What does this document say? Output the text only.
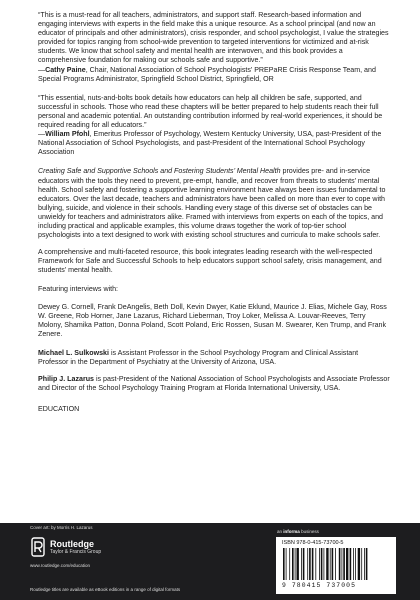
“This is a must-read for all teachers, administrators, and support staff. Research-based information and engaging interviews with experts in the field make this a unique resource. As a school principal (and now an educator of principals and other administrators), crisis responder, and school psychologist, I value the strategies provided for topics ranging from school-wide prevention to targeted interventions for victimized and at-risk students. We know that school safety and mental health are interwoven, and this book provides a comprehensive foundation for making our schools safe and supportive.”

—Cathy Paine, Chair, National Association of School Psychologists’ PREPaRE Crisis Response Team, and Special Programs Administrator, Springfield School District, Springfield, OR

“This essential, nuts-and-bolts book details how educators can help all children be safe, supported, and successful in schools. Those who read these chapters will be better prepared to help students reach their full personal and academic potential. An outstanding contribution informed by real-world experiences, it should be required reading for all educators.”

—William Pfohl, Emeritus Professor of Psychology, Western Kentucky University, USA, past-President of the National Association of School Psychologists, and past-President of the International School Psychology Association

Creating Safe and Supportive Schools and Fostering Students’ Mental Health provides pre- and in-service educators with the tools they need to prevent, pre-empt, handle, and recover from threats to students’ mental health. School safety and fostering a supportive learning environment have always been issues fundamental to educators. Over the last decade, teachers and administrators have been called on more than ever to cope with bullying, suicide, and violence in their schools. Handling every stage of this diverse set of obstacles can be unwieldy for teachers and administrators alike. Framed with interviews from experts on each of the topics, and including practical and applicable examples, this volume draws together the work of top-tier school psychologists into a text designed to work with existing school structures and curricula to make schools safer.

A comprehensive and multi-faceted resource, this book integrates leading research with the well-respected Framework for Safe and Successful Schools to help educators support school safety, crisis management, and students’ mental health.

Featuring interviews with:

Dewey G. Cornell, Frank DeAngelis, Beth Doll, Kevin Dwyer, Katie Eklund, Maurice J. Elias, Michele Gay, Ross W. Greene, Rob Horner, Jane Lazarus, Richard Lieberman, Troy Loker, Melissa A. Louvar-Reeves, Terry Molony, Shamika Patton, Donna Poland, Scott Poland, Eric Rossen, Susan M. Swearer, Ken Trump, and Frank Zenere.

Michael L. Sulkowski is Assistant Professor in the School Psychology Program and Clinical Assistant Professor in the Department of Psychiatry at the University of Arizona, USA.

Philip J. Lazarus is past-President of the National Association of School Psychologists and Associate Professor and Director of the School Psychology Training Program at Florida International University, USA.

EDUCATION

Cover art: by Morris H. Lazarus
Routledge
Taylor & Francis Group
www.routledge.com/education
Routledge titles are available as eBook editions in a range of digital formats
an informa business
ISBN 978-0-415-73700-5
9 780415 737005
